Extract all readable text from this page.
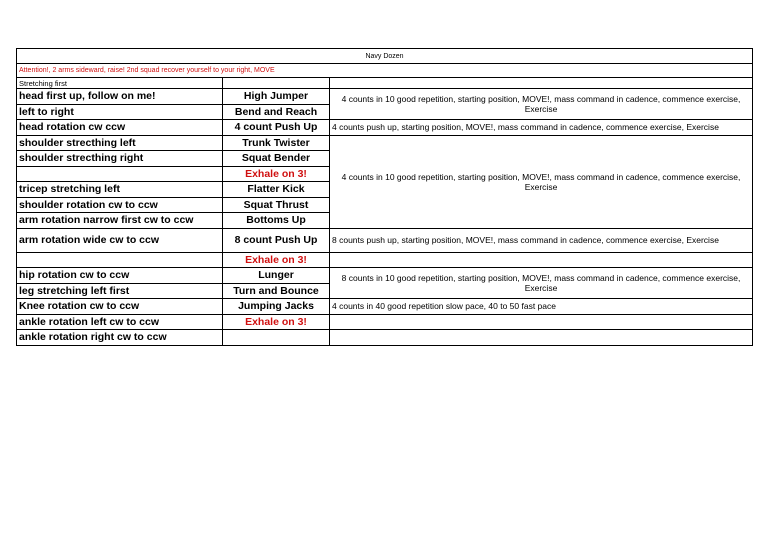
Navy Dozen		
Attention!, 2 arms sideward, raise! 2nd squad recover yourself to your right, MOVE		
Stretching first		
head first up, follow on me!	High Jumper	4 counts in 10 good repetition, starting position, MOVE!, mass command in cadence, commence exercise, Exercise
left to right	Bend and Reach	
head rotation cw ccw	4 count Push Up	4 counts push up, starting position, MOVE!, mass command in cadence, commence exercise, Exercise
shoulder strecthing left	Trunk Twister	4 counts in 10 good repetition, starting position, MOVE!, mass command in cadence, commence exercise, Exercise
shoulder strecthing right	Squat Bender	
	Exhale on 3!	
tricep stretching left	Flatter Kick	
shoulder rotation cw to ccw	Squat Thrust	
arm rotation narrow first cw to ccw	Bottoms Up	
arm rotation wide cw to ccw	8 count Push Up	8 counts push up, starting position, MOVE!, mass command in cadence, commence exercise, Exercise
	Exhale on 3!	
hip rotation cw to ccw	Lunger	8 counts in 10 good repetition, starting position, MOVE!, mass command in cadence, commence exercise, Exercise
leg stretching left first	Turn and Bounce	
Knee rotation cw to ccw	Jumping Jacks	4 counts in 40 good repetition slow pace, 40 to 50 fast pace
ankle rotation left cw to ccw	Exhale on 3!	
ankle rotation right cw to ccw		
